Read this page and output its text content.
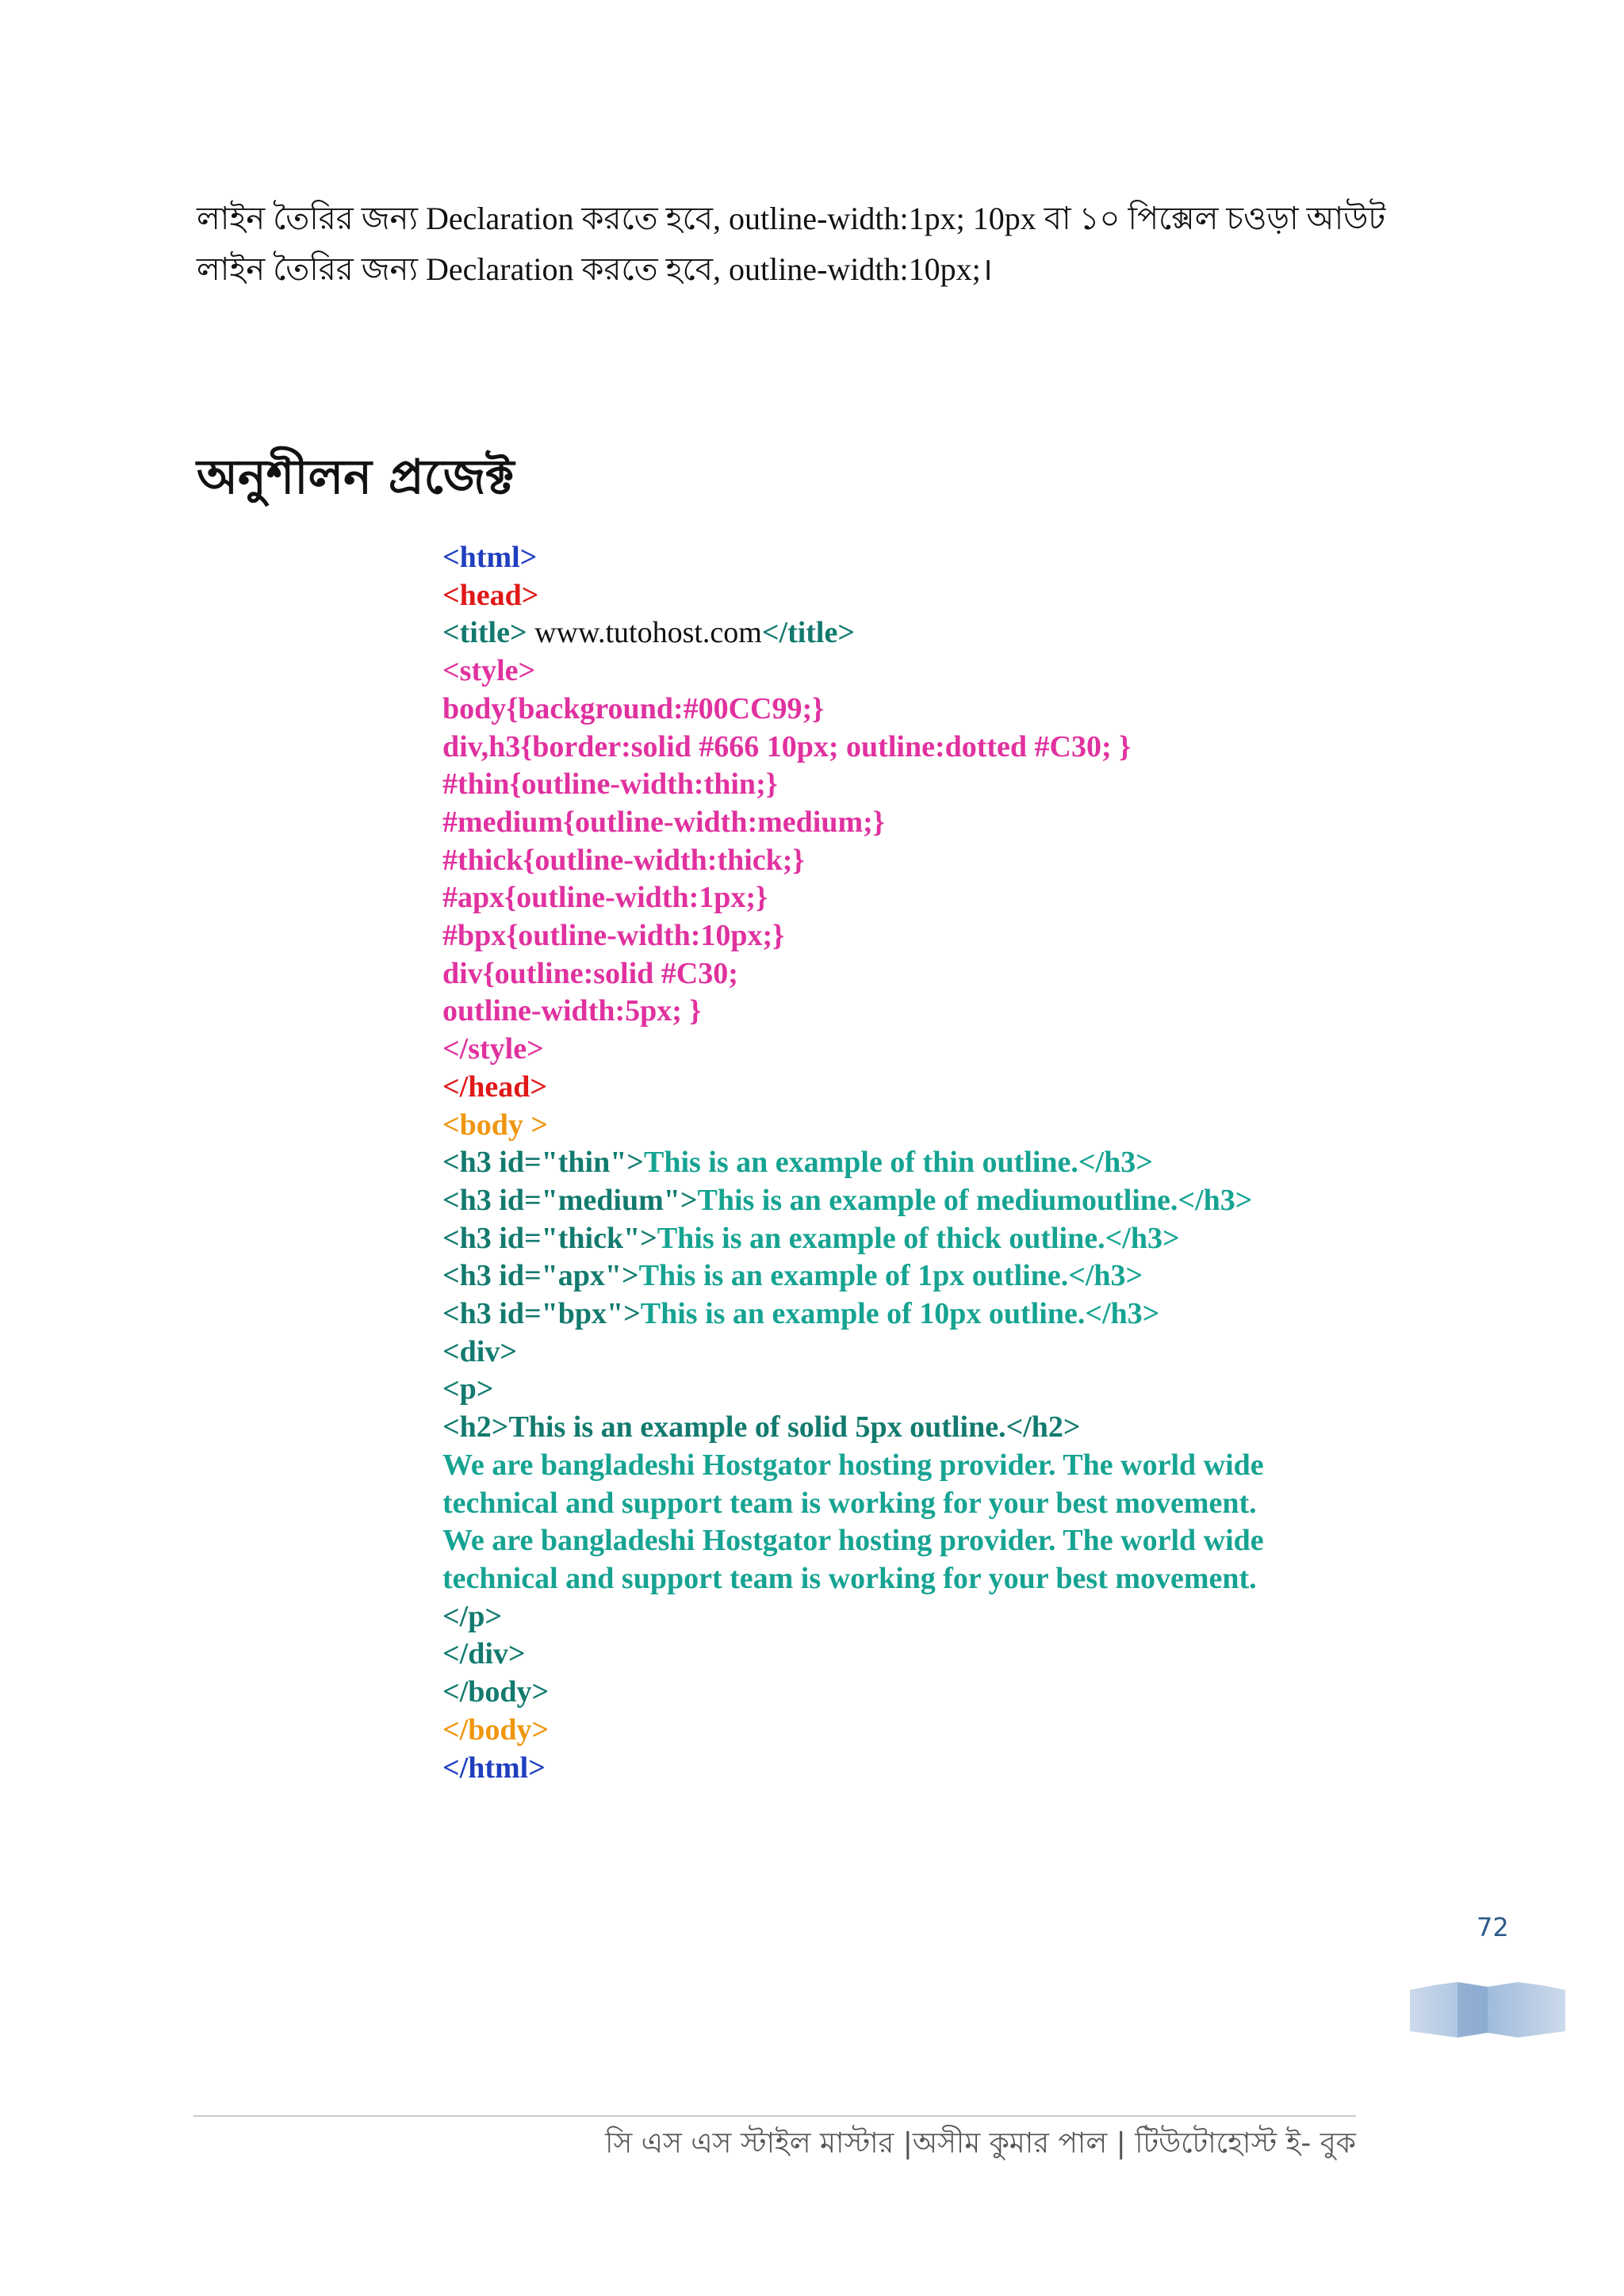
লাইন তৈরির জন্য Declaration করতে হবে, outline-width:1px; 10px বা ১০ পিক্সেল চওড়া আউট

লাইন তৈরির জন্য Declaration করতে হবে, outline-width:10px;।

অনুশীলন প্রজেক্ট
<html>
<head>
<title> www.tutohost.com</title>
<style>
body{background:#00CC99;}
div,h3{border:solid #666 10px; outline:dotted #C30; }
#thin{outline-width:thin;}
#medium{outline-width:medium;}
#thick{outline-width:thick;}
#apx{outline-width:1px;}
#bpx{outline-width:10px;}
div{outline:solid #C30;
outline-width:5px; }
</style>
</head>
<body >
<h3 id="thin">This is an example of thin outline.</h3>
<h3 id="medium">This is an example of mediumoutline.</h3>
<h3 id="thick">This is an example of thick outline.</h3>
<h3 id="apx">This is an example of 1px outline.</h3>
<h3 id="bpx">This is an example of 10px outline.</h3>
<div>
<p>
<h2>This is an example of solid 5px outline.</h2>
We are bangladeshi Hostgator hosting provider. The world wide
technical and support team is working for your best movement.
We are bangladeshi Hostgator hosting provider. The world wide
technical and support team is working for your best movement.
</p>
</div>
</body>
</body>
</html>
72
সি এস এস স্টাইল মাস্টার |অসীম কুমার পাল | টিউটোহোস্ট ই- বুক
